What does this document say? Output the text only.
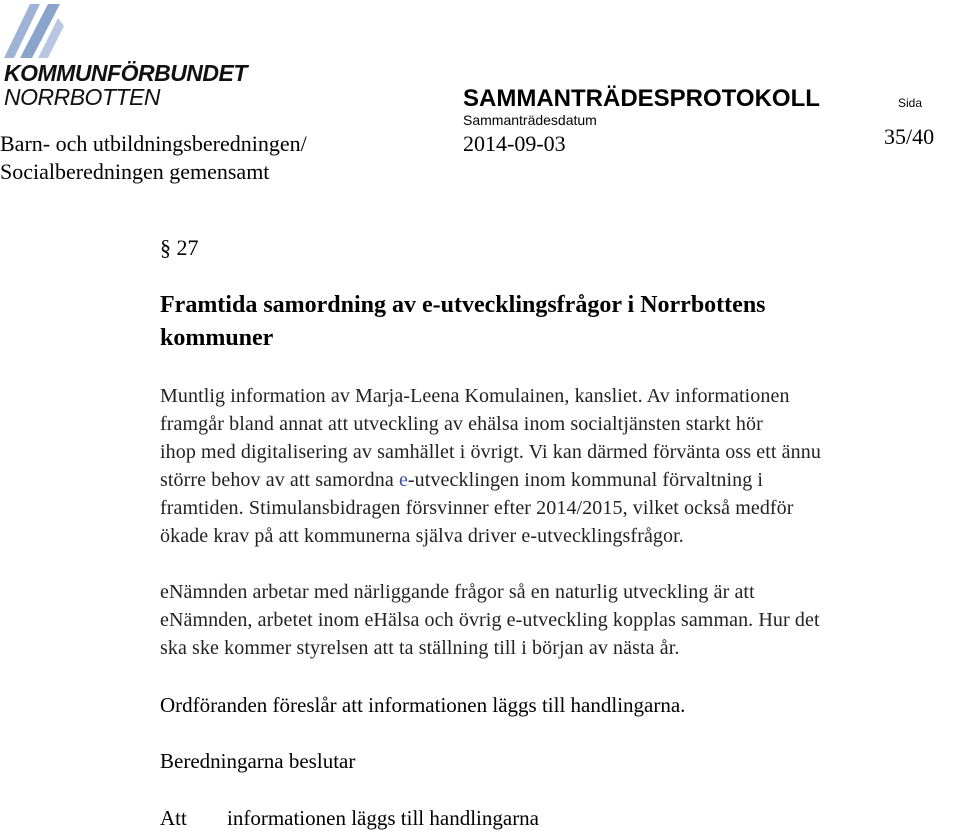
KOMMUNFÖRBUNDET
NORRBOTTEN	SAMMANTRÄDESPROTOKOLL	Sida
Sammanträdesdatum
2014-09-03	35/40
Barn- och utbildningsberedningen/
Socialberedningen gemensamt
§ 27
Framtida samordning av e-utvecklingsfrågor i Norrbottens
kommuner
Muntlig information av Marja-Leena Komulainen, kansliet. Av informationen
framgår bland annat att utveckling av ehälsa inom socialtjänsten starkt hör
ihop med digitalisering av samhället i övrigt. Vi kan därmed förvänta oss ett ännu
större behov av att samordna e-utvecklingen inom kommunal förvaltning i
framtiden. Stimulansbidragen försvinner efter 2014/2015, vilket också medför
ökade krav på att kommunerna själva driver e-utvecklingsfrågor.
eNämnden arbetar med närliggande frågor så en naturlig utveckling är att
eNämnden, arbetet inom eHälsa och övrig e-utveckling kopplas samman. Hur det
ska ske kommer styrelsen att ta ställning till i början av nästa år.
Ordföranden föreslår att informationen läggs till handlingarna.
Beredningarna beslutar
Att informationen läggs till handlingarna
